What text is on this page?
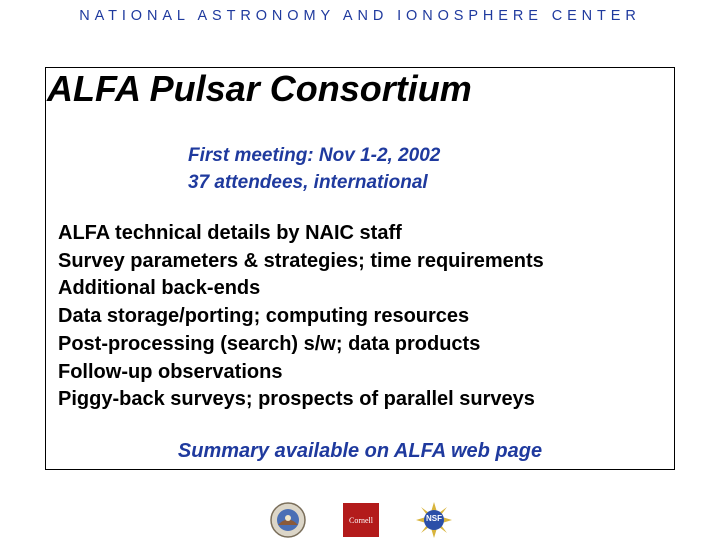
NATIONAL ASTRONOMY AND IONOSPHERE CENTER
ALFA Pulsar Consortium
First meeting: Nov 1-2, 2002
37 attendees, international
ALFA technical details by NAIC staff
Survey parameters & strategies; time requirements
Additional back-ends
Data storage/porting; computing resources
Post-processing (search) s/w; data products
Follow-up observations
Piggy-back surveys; prospects of parallel surveys
Summary available on ALFA web page
Cornell	NSF
